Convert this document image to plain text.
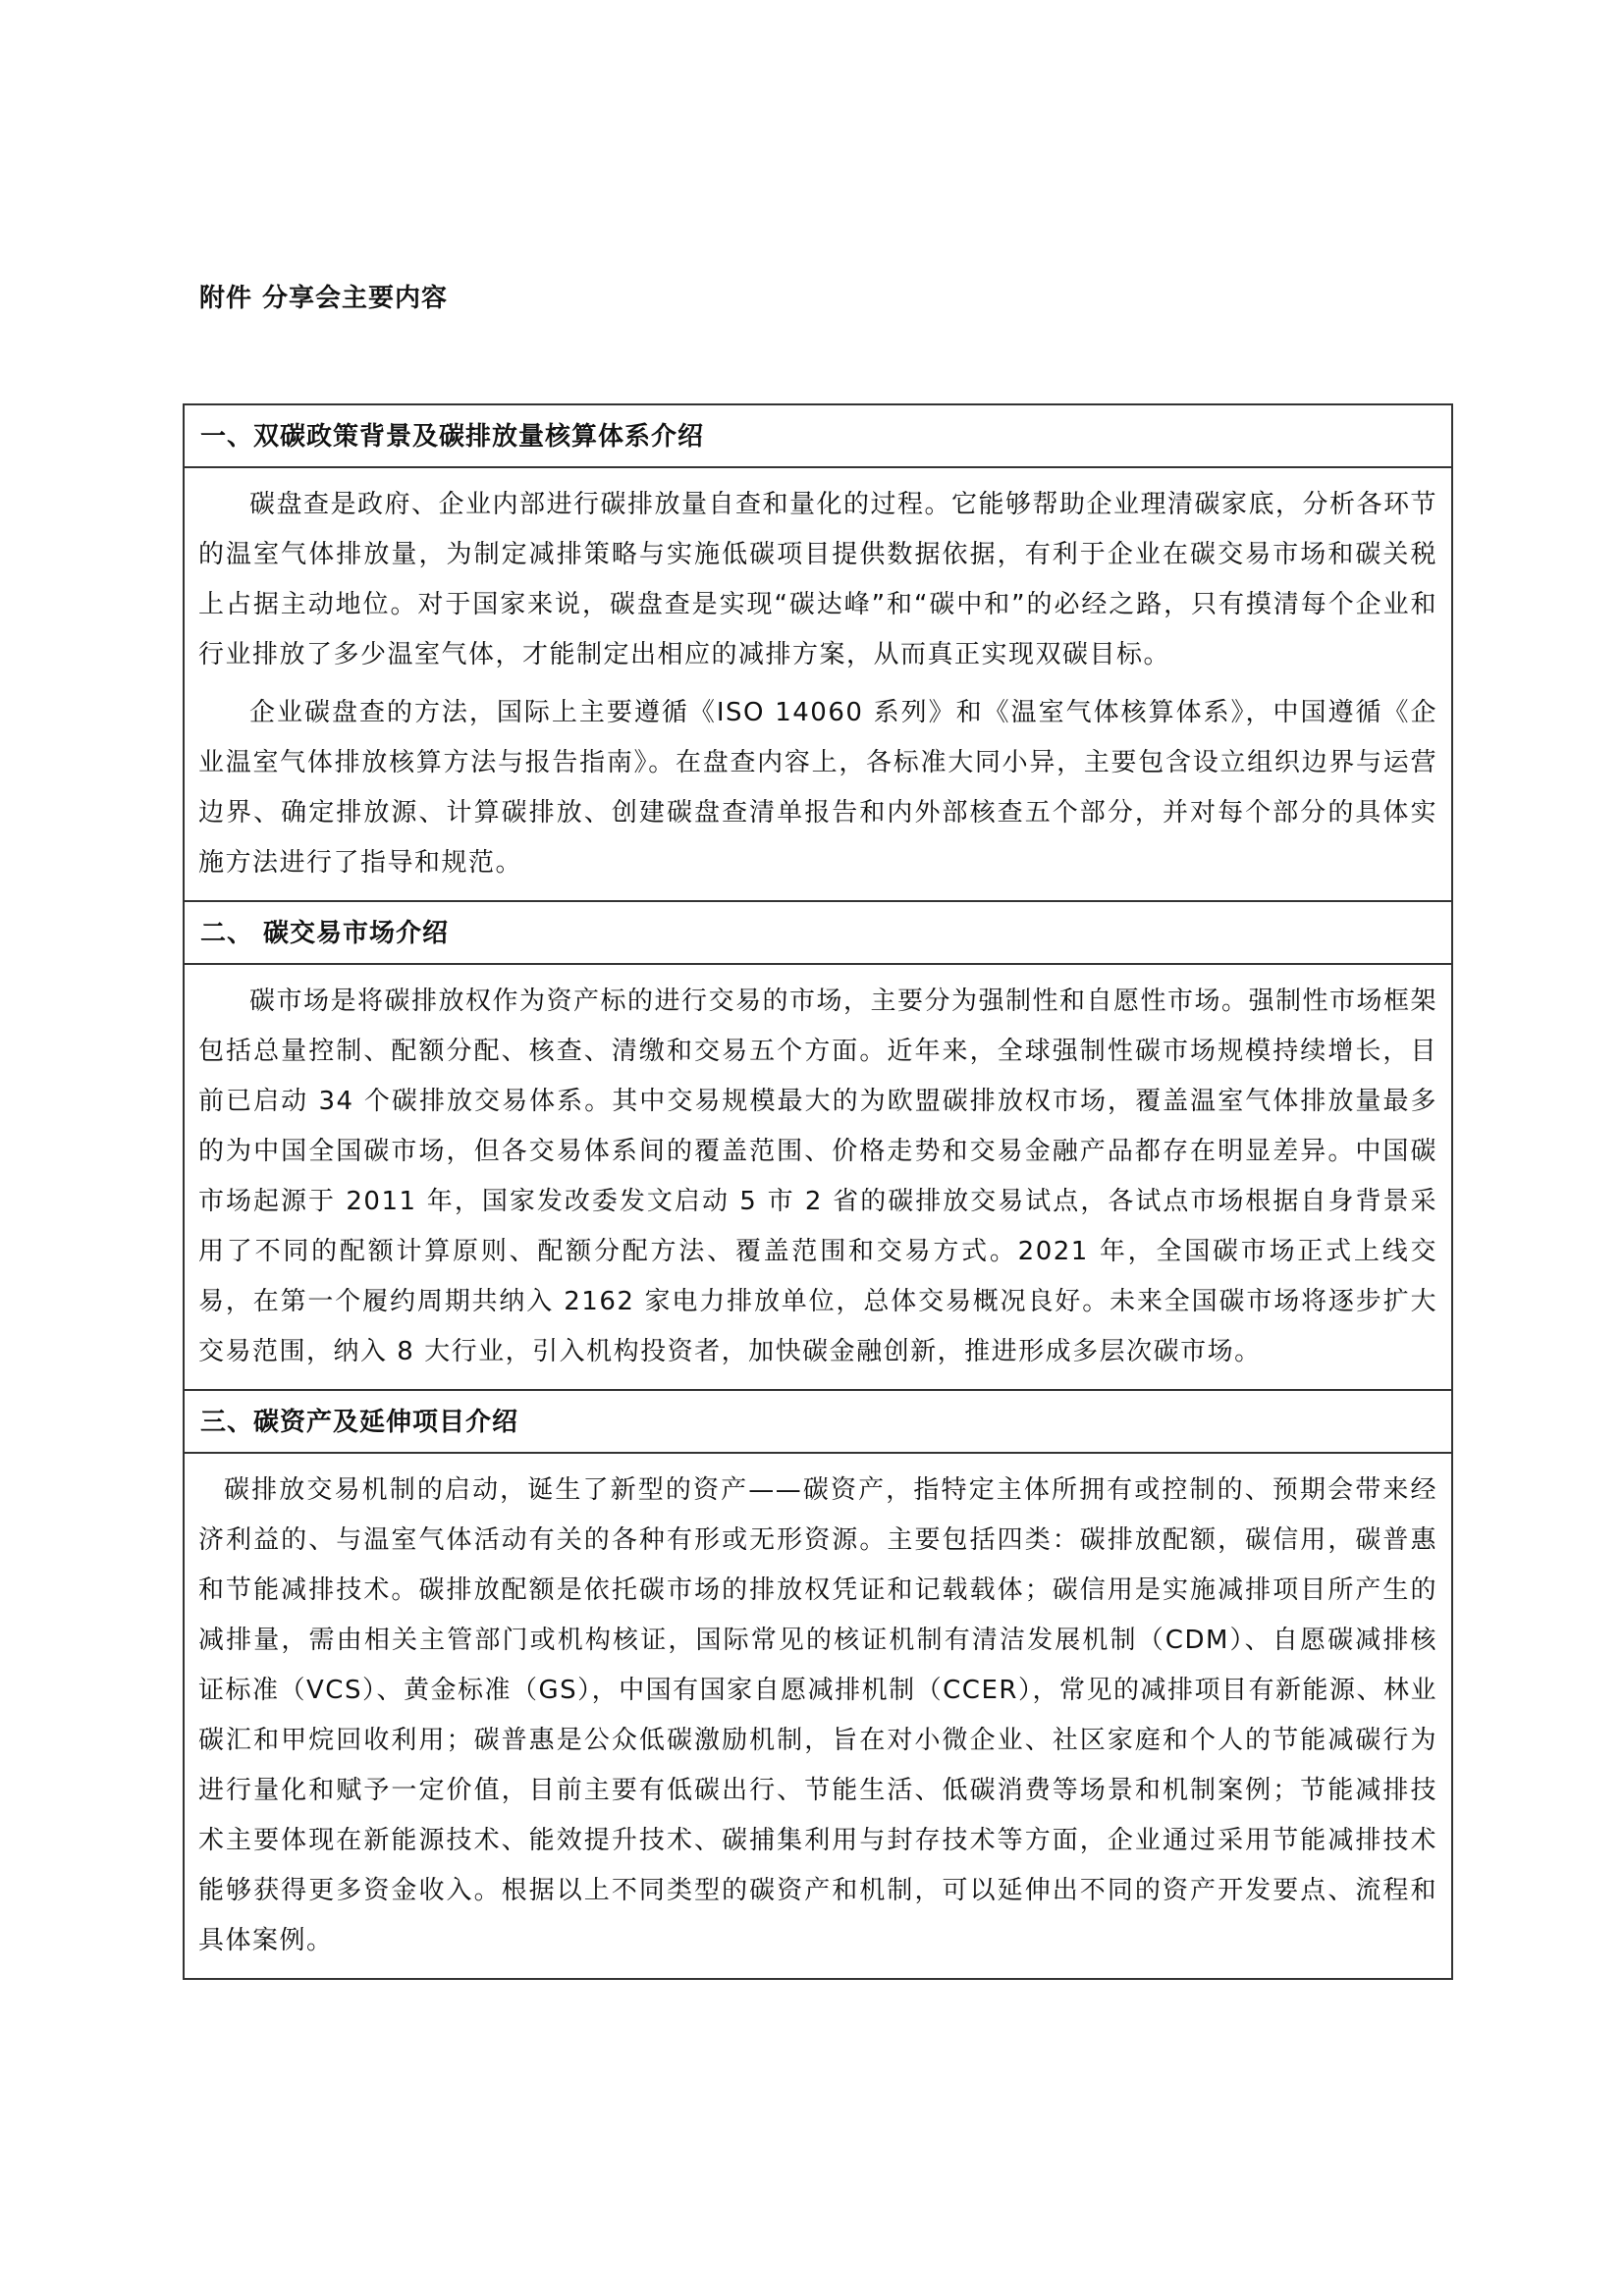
附件 分享会主要内容
一、双碳政策背景及碳排放量核算体系介绍

碳盘查是政府、企业内部进行碳排放量自查和量化的过程。它能够帮助企业理清碳家底，分析各环节的温室气体排放量，为制定减排策略与实施低碳项目提供数据依据，有利于企业在碳交易市场和碳关税上占据主动地位。对于国家来说，碳盘查是实现“碳达峰”和“碳中和”的必经之路，只有摸清每个企业和行业排放了多少温室气体，才能制定出相应的减排方案，从而真正实现双碳目标。

企业碳盘查的方法，国际上主要遵循《ISO 14060 系列》和《温室气体核算体系》，中国遵循《企业温室气体排放核算方法与报告指南》。在盘查内容上，各标准大同小异，主要包含设立组织边界与运营边界、确定排放源、计算碳排放、创建碳盘查清单报告和内外部核查五个部分，并对每个部分的具体实施方法进行了指导和规范。

二、 碳交易市场介绍

碳市场是将碳排放权作为资产标的进行交易的市场，主要分为强制性和自愿性市场。强制性市场框架包括总量控制、配额分配、核查、清缴和交易五个方面。近年来，全球强制性碳市场规模持续增长，目前已启动 34 个碳排放交易体系。其中交易规模最大的为欧盟碳排放权市场，覆盖温室气体排放量最多的为中国全国碳市场，但各交易体系间的覆盖范围、价格走势和交易金融产品都存在明显差异。中国碳市场起源于 2011 年，国家发改委发文启动 5 市 2 省的碳排放交易试点，各试点市场根据自身背景采用了不同的配额计算原则、配额分配方法、覆盖范围和交易方式。2021 年，全国碳市场正式上线交易，在第一个履约周期共纳入 2162 家电力排放单位，总体交易概况良好。未来全国碳市场将逐步扩大交易范围，纳入 8 大行业，引入机构投资者，加快碳金融创新，推进形成多层次碳市场。

三、碳资产及延伸项目介绍

碳排放交易机制的启动，诞生了新型的资产——碳资产，指特定主体所拥有或控制的、预期会带来经济利益的、与温室气体活动有关的各种有形或无形资源。主要包括四类：碳排放配额，碳信用，碳普惠和节能减排技术。碳排放配额是依托碳市场的排放权凭证和记载载体；碳信用是实施减排项目所产生的减排量，需由相关主管部门或机构核证，国际常见的核证机制有清洁发展机制（CDM）、自愿碳减排核证标准（VCS）、黄金标准（GS），中国有国家自愿减排机制（CCER），常见的减排项目有新能源、林业碳汇和甲烷回收利用；碳普惠是公众低碳激励机制，旨在对小微企业、社区家庭和个人的节能减碳行为进行量化和赋予一定价值，目前主要有低碳出行、节能生活、低碳消费等场景和机制案例；节能减排技术主要体现在新能源技术、能效提升技术、碳捕集利用与封存技术等方面，企业通过采用节能减排技术能够获得更多资金收入。根据以上不同类型的碳资产和机制，可以延伸出不同的资产开发要点、流程和具体案例。
